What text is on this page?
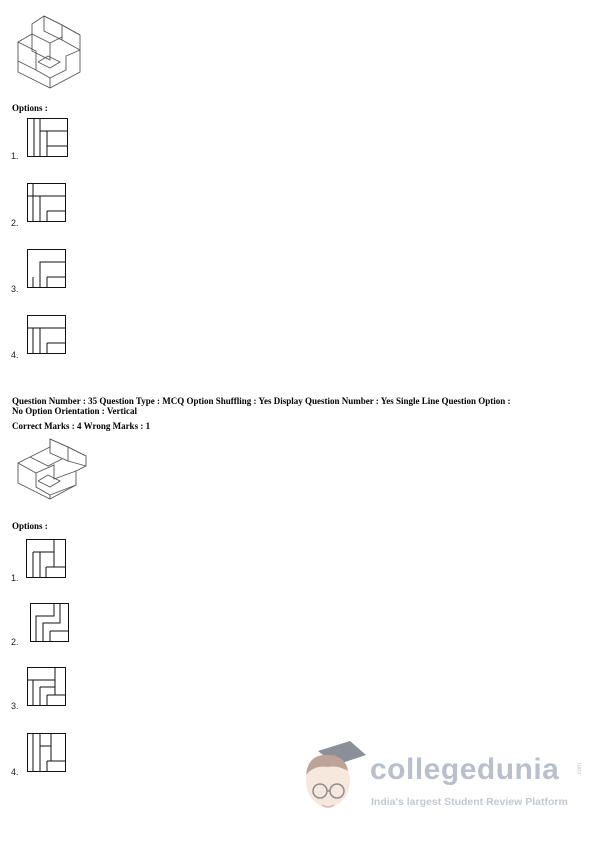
Options :
1.
2.
3.
4.
Question Number : 35 Question Type : MCQ Option Shuffling : Yes Display Question Number : Yes Single Line Question Option :
No Option Orientation : Vertical
Correct Marks : 4 Wrong Marks : 1
Options :
1.
2.
3.
4.	collegedunia	.com
India's largest Student Review Platform
